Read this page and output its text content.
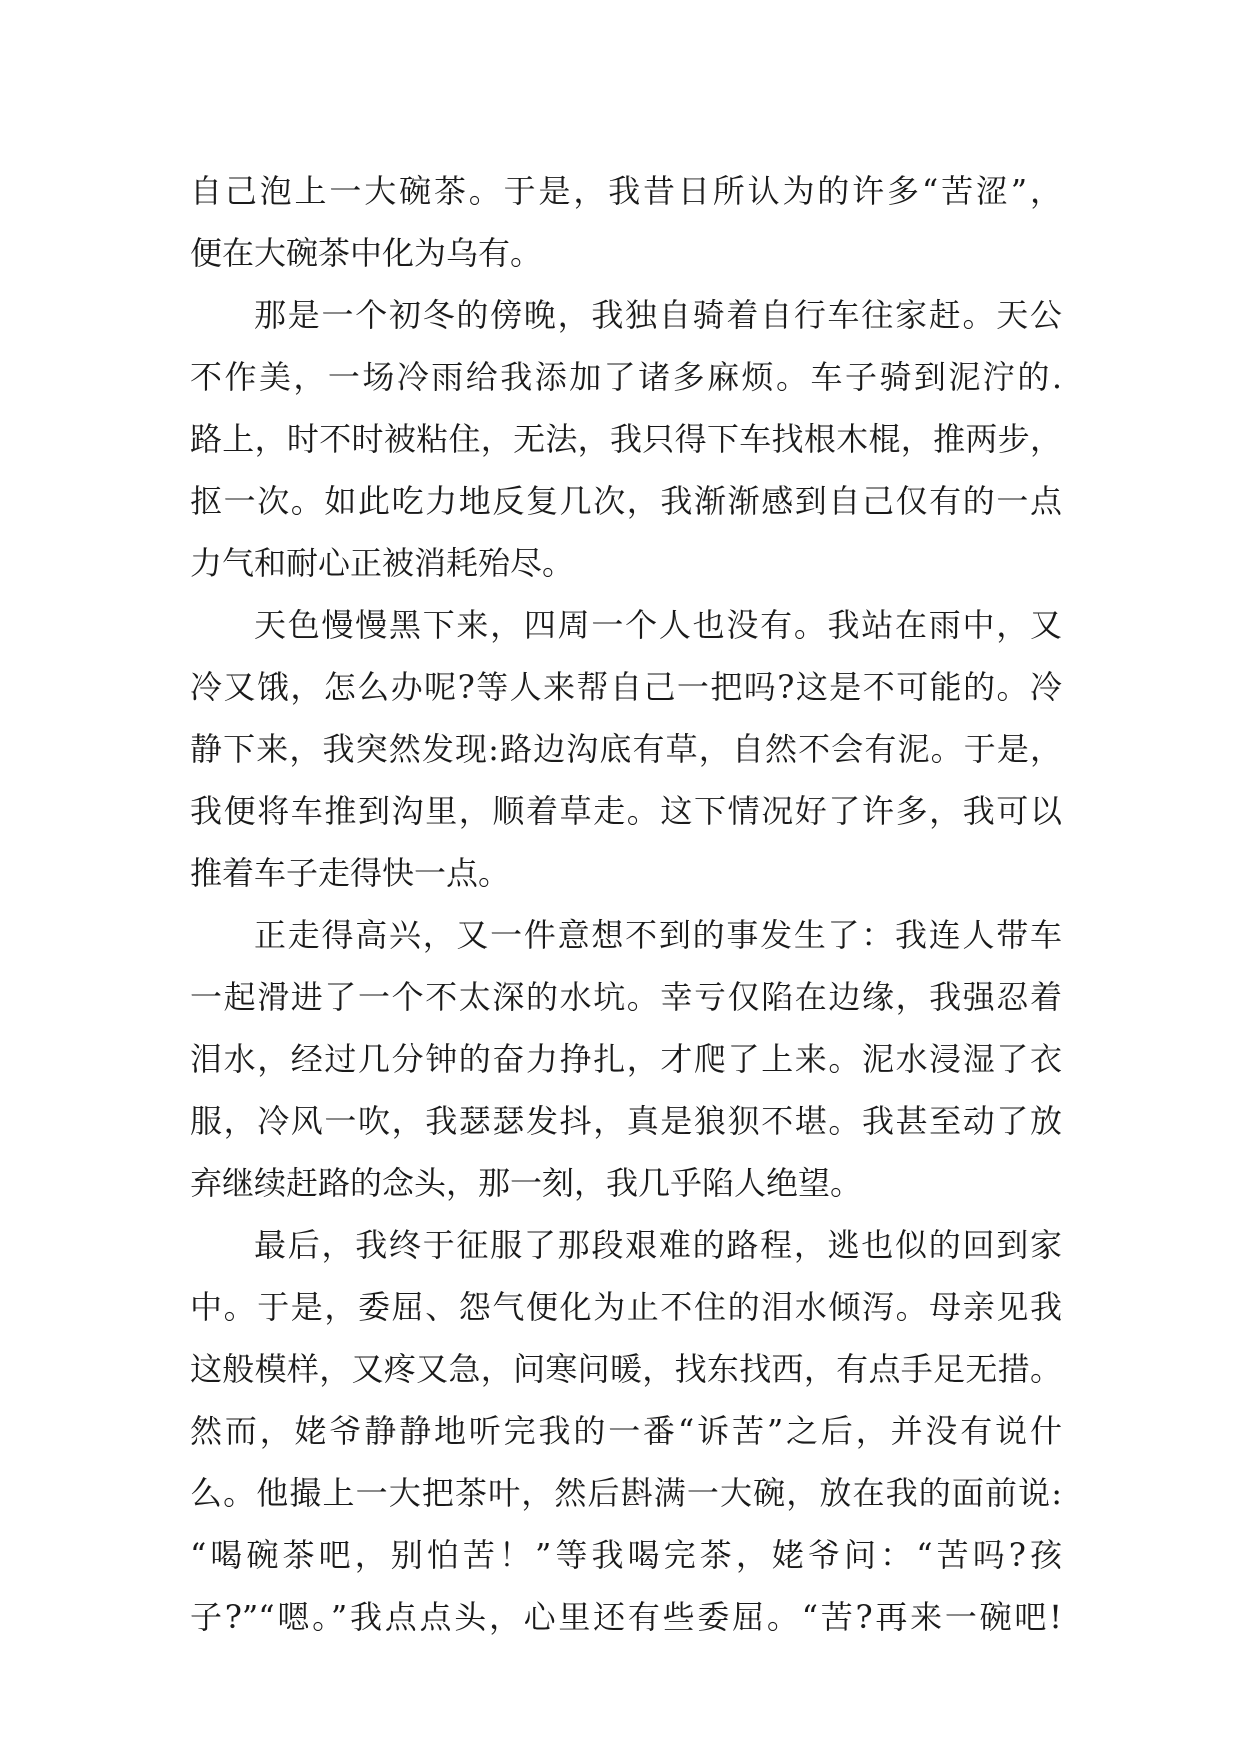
自己泡上一大碗茶。于是，我昔日所认为的许多“苦涩”，
便在大碗茶中化为乌有。
那是一个初冬的傍晚，我独自骑着自行车往家赶。天公
不作美，一场冷雨给我添加了诸多麻烦。车子骑到泥泞的.
路上，时不时被粘住，无法，我只得下车找根木棍，推两步，
抠一次。如此吃力地反复几次，我渐渐感到自己仅有的一点
力气和耐心正被消耗殆尽。
天色慢慢黑下来，四周一个人也没有。我站在雨中，又
冷又饿，怎么办呢?等人来帮自己一把吗?这是不可能的。冷
静下来，我突然发现:路边沟底有草，自然不会有泥。于是，
我便将车推到沟里，顺着草走。这下情况好了许多，我可以
推着车子走得快一点。
正走得高兴，又一件意想不到的事发生了：我连人带车
一起滑进了一个不太深的水坑。幸亏仅陷在边缘，我强忍着
泪水，经过几分钟的奋力挣扎，才爬了上来。泥水浸湿了衣
服，冷风一吹，我瑟瑟发抖，真是狼狈不堪。我甚至动了放
弃继续赶路的念头，那一刻，我几乎陷人绝望。
最后，我终于征服了那段艰难的路程，逃也似的回到家
中。于是，委屈、怨气便化为止不住的泪水倾泻。母亲见我
这般模样，又疼又急，问寒问暖，找东找西，有点手足无措。
然而，姥爷静静地听完我的一番“诉苦”之后，并没有说什
么。他撮上一大把茶叶，然后斟满一大碗，放在我的面前说:
“喝碗茶吧，别怕苦！”等我喝完茶，姥爷问：“苦吗?孩
子?”“嗯。”我点点头，心里还有些委屈。“苦?再来一碗吧!
